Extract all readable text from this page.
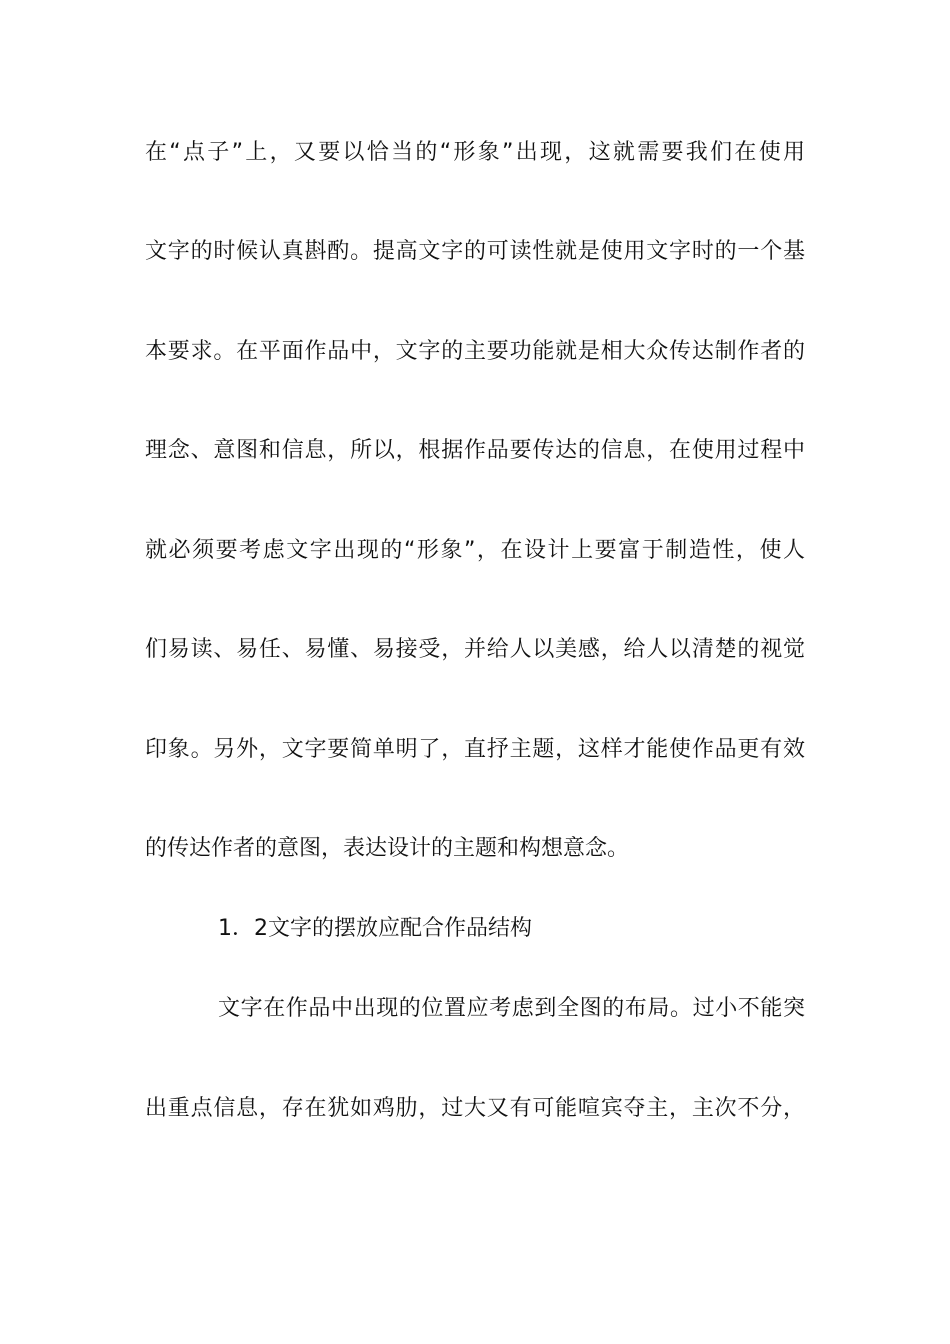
在“点子”上，又要以恰当的“形象”出现，这就需要我们在使用
文字的时候认真斟酌。提高文字的可读性就是使用文字时的一个基
本要求。在平面作品中，文字的主要功能就是相大众传达制作者的
理念、意图和信息，所以，根据作品要传达的信息，在使用过程中
就必须要考虑文字出现的“形象”，在设计上要富于制造性，使人
们易读、易任、易懂、易接受，并给人以美感，给人以清楚的视觉
印象。另外，文字要简单明了，直抒主题，这样才能使作品更有效
的传达作者的意图，表达设计的主题和构想意念。
1．2文字的摆放应配合作品结构
文字在作品中出现的位置应考虑到全图的布局。过小不能突
出重点信息，存在犹如鸡肋，过大又有可能喧宾夺主，主次不分，
